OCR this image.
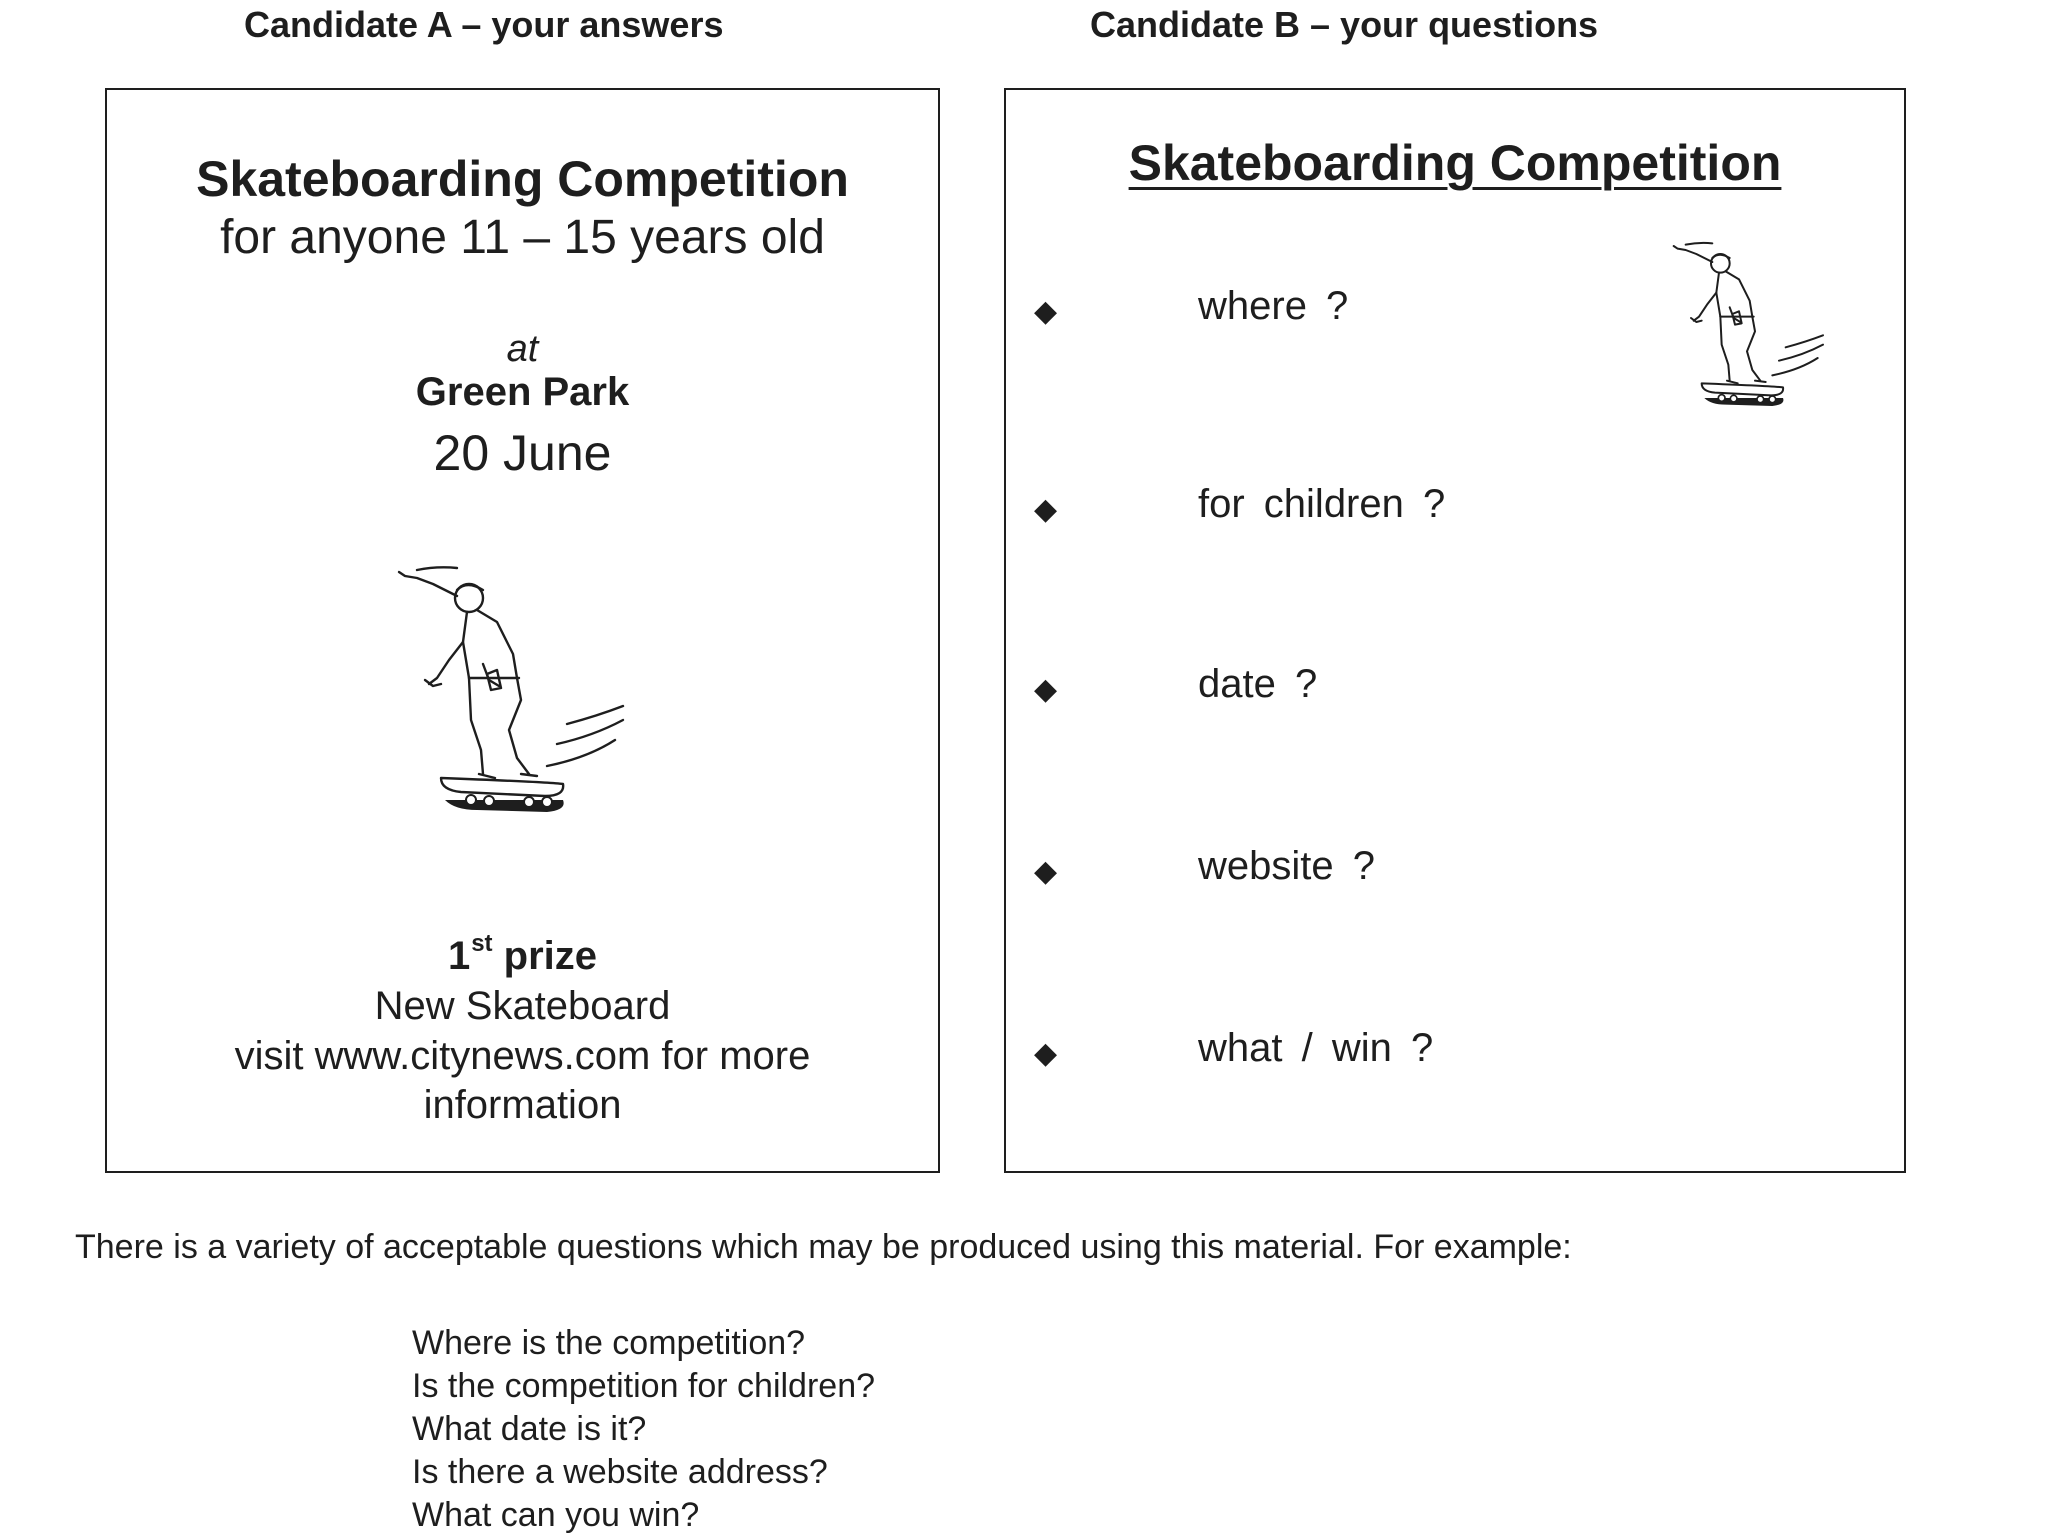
Candidate A – your answers	Candidate B – your questions
Skateboarding Competition
for anyone 11 – 15 years old
at
Green Park
20 June
1st prize
New Skateboard
visit www.citynews.com for more information
Skateboarding Competition
◆	where ?
◆	for children ?
◆	date ?
◆	website ?
◆	what / win ?
There is a variety of acceptable questions which may be produced using this material. For example:
Where is the competition?
Is the competition for children?
What date is it?
Is there a website address?
What can you win?
